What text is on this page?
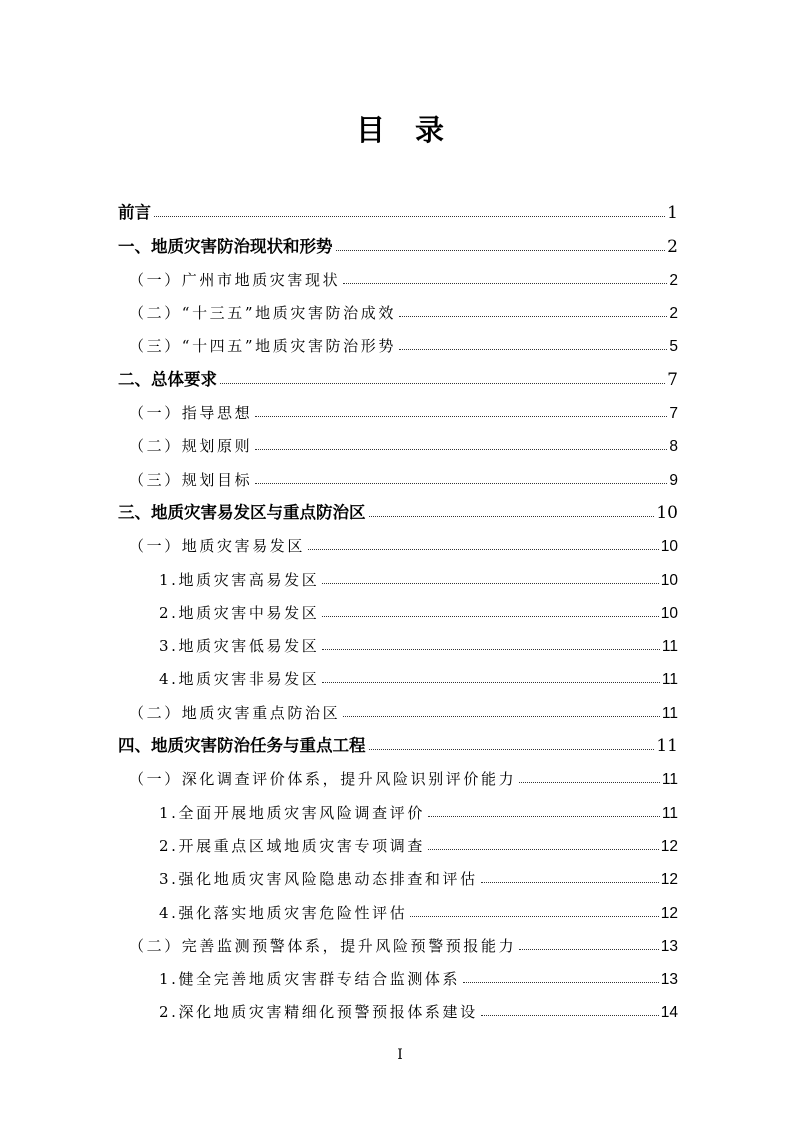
目录
前言	1
一、地质灾害防治现状和形势	2
（一）广州市地质灾害现状	2
（二）“十三五”地质灾害防治成效	2
（三）“十四五”地质灾害防治形势	5
二、总体要求	7
（一）指导思想	7
（二）规划原则	8
（三）规划目标	9
三、地质灾害易发区与重点防治区	10
（一）地质灾害易发区	10
1.地质灾害高易发区	10
2.地质灾害中易发区	10
3.地质灾害低易发区	11
4.地质灾害非易发区	11
（二）地质灾害重点防治区	11
四、地质灾害防治任务与重点工程	11
（一）深化调查评价体系，提升风险识别评价能力	11
1.全面开展地质灾害风险调查评价	11
2.开展重点区域地质灾害专项调查	12
3.强化地质灾害风险隐患动态排查和评估	12
4.强化落实地质灾害危险性评估	12
（二）完善监测预警体系，提升风险预警预报能力	13
1.健全完善地质灾害群专结合监测体系	13
2.深化地质灾害精细化预警预报体系建设	14
I
